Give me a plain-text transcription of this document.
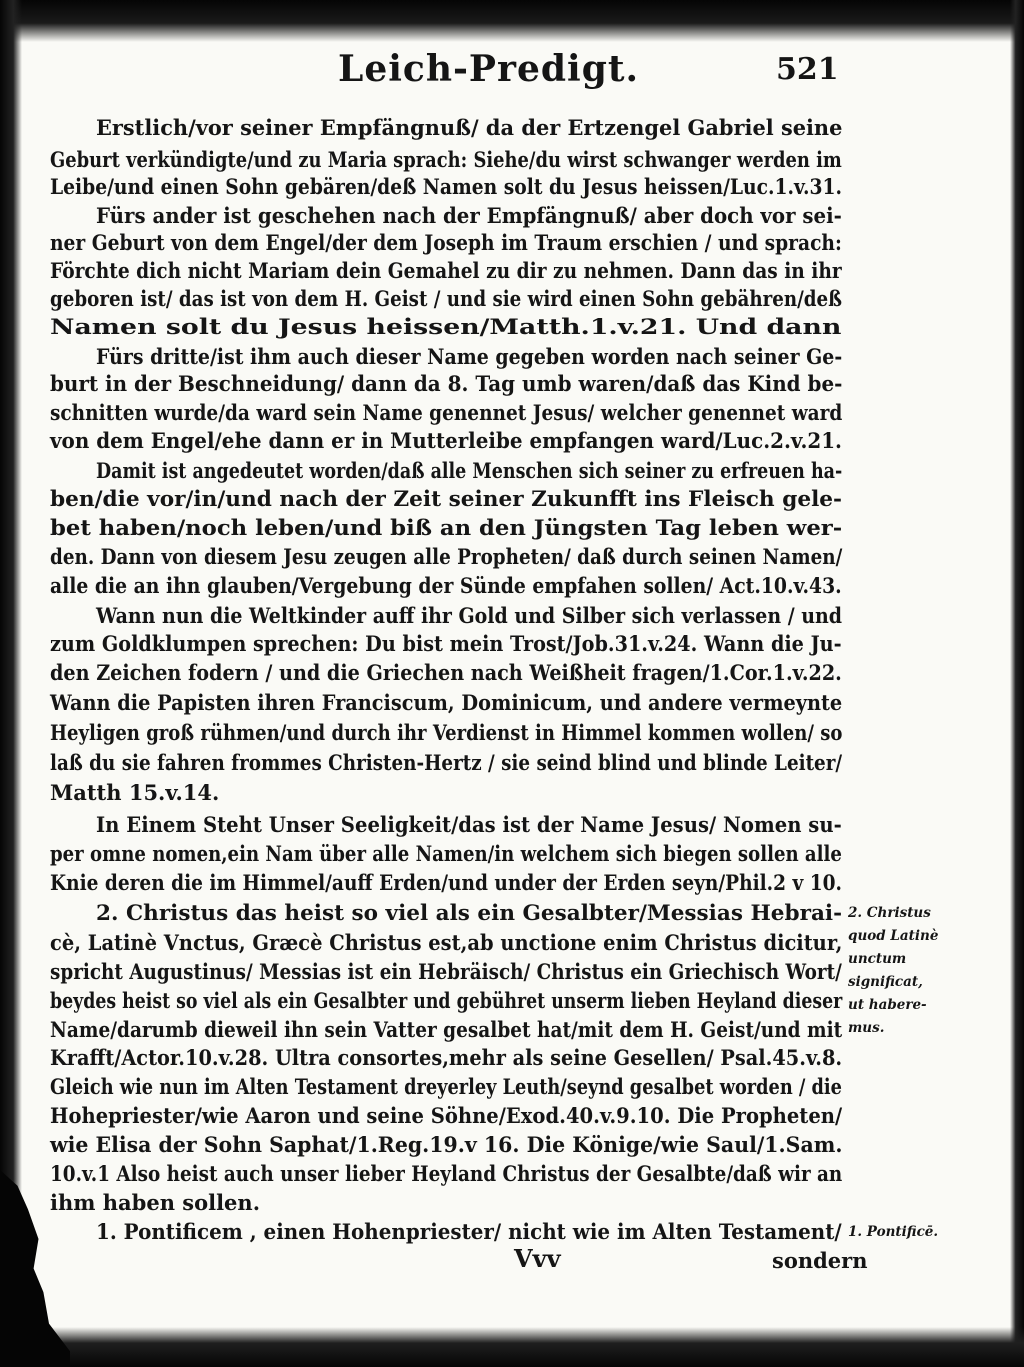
Leich-Predigt.	521

Erstlich/vor seiner Empfängnuß/ da der Ertzengel Gabriel seine

Geburt verkündigte/und zu Maria sprach: Siehe/du wirst schwanger werden im

Leibe/und einen Sohn gebären/deß Namen solt du Jesus heissen/Luc.1.v.31.

Fürs ander ist geschehen nach der Empfängnuß/ aber doch vor sei-

ner Geburt von dem Engel/der dem Joseph im Traum erschien / und sprach:

Förchte dich nicht Mariam dein Gemahel zu dir zu nehmen. Dann das in ihr

geboren ist/ das ist von dem H. Geist / und sie wird einen Sohn gebähren/deß

Namen solt du Jesus heissen/Matth.1.v.21. Und dann

Fürs dritte/ist ihm auch dieser Name gegeben worden nach seiner Ge-

burt in der Beschneidung/ dann da 8. Tag umb waren/daß das Kind be-

schnitten wurde/da ward sein Name genennet Jesus/ welcher genennet ward

von dem Engel/ehe dann er in Mutterleibe empfangen ward/Luc.2.v.21.

Damit ist angedeutet worden/daß alle Menschen sich seiner zu erfreuen ha-

ben/die vor/in/und nach der Zeit seiner Zukunfft ins Fleisch gele-

bet haben/noch leben/und biß an den Jüngsten Tag leben wer-

den. Dann von diesem Jesu zeugen alle Propheten/ daß durch seinen Namen/

alle die an ihn glauben/Vergebung der Sünde empfahen sollen/ Act.10.v.43.

Wann nun die Weltkinder auff ihr Gold und Silber sich verlassen / und

zum Goldklumpen sprechen: Du bist mein Trost/Job.31.v.24. Wann die Ju-

den Zeichen fodern / und die Griechen nach Weißheit fragen/1.Cor.1.v.22.

Wann die Papisten ihren Franciscum, Dominicum, und andere vermeynte

Heyligen groß rühmen/und durch ihr Verdienst in Himmel kommen wollen/ so

laß du sie fahren frommes Christen-Hertz / sie seind blind und blinde Leiter/

Matth 15.v.14.

In Einem Steht Unser Seeligkeit/das ist der Name Jesus/ Nomen su-

per omne nomen,ein Nam über alle Namen/in welchem sich biegen sollen alle

Knie deren die im Himmel/auff Erden/und under der Erden seyn/Phil.2 v 10.

2. Christus das heist so viel als ein Gesalbter/Messias Hebrai-

cè, Latinè Vnctus, Græcè Christus est,ab unctione enim Christus dicitur,

spricht Augustinus/ Messias ist ein Hebräisch/ Christus ein Griechisch Wort/

beydes heist so viel als ein Gesalbter und gebühret unserm lieben Heyland dieser

Name/darumb dieweil ihn sein Vatter gesalbet hat/mit dem H. Geist/und mit

Krafft/Actor.10.v.28. Ultra consortes,mehr als seine Gesellen/ Psal.45.v.8.

Gleich wie nun im Alten Testament dreyerley Leuth/seynd gesalbet worden / die

Hohepriester/wie Aaron und seine Söhne/Exod.40.v.9.10. Die Propheten/

wie Elisa der Sohn Saphat/1.Reg.19.v 16. Die Könige/wie Saul/1.Sam.

10.v.1 Also heist auch unser lieber Heyland Christus der Gesalbte/daß wir an

ihm haben sollen.

1. Pontificem , einen Hohenpriester/ nicht wie im Alten Testament/

2. Christus
quod Latinè
unctum
significat,
ut habere-
mus.
1. Pontificē.
Vvv	sondern
